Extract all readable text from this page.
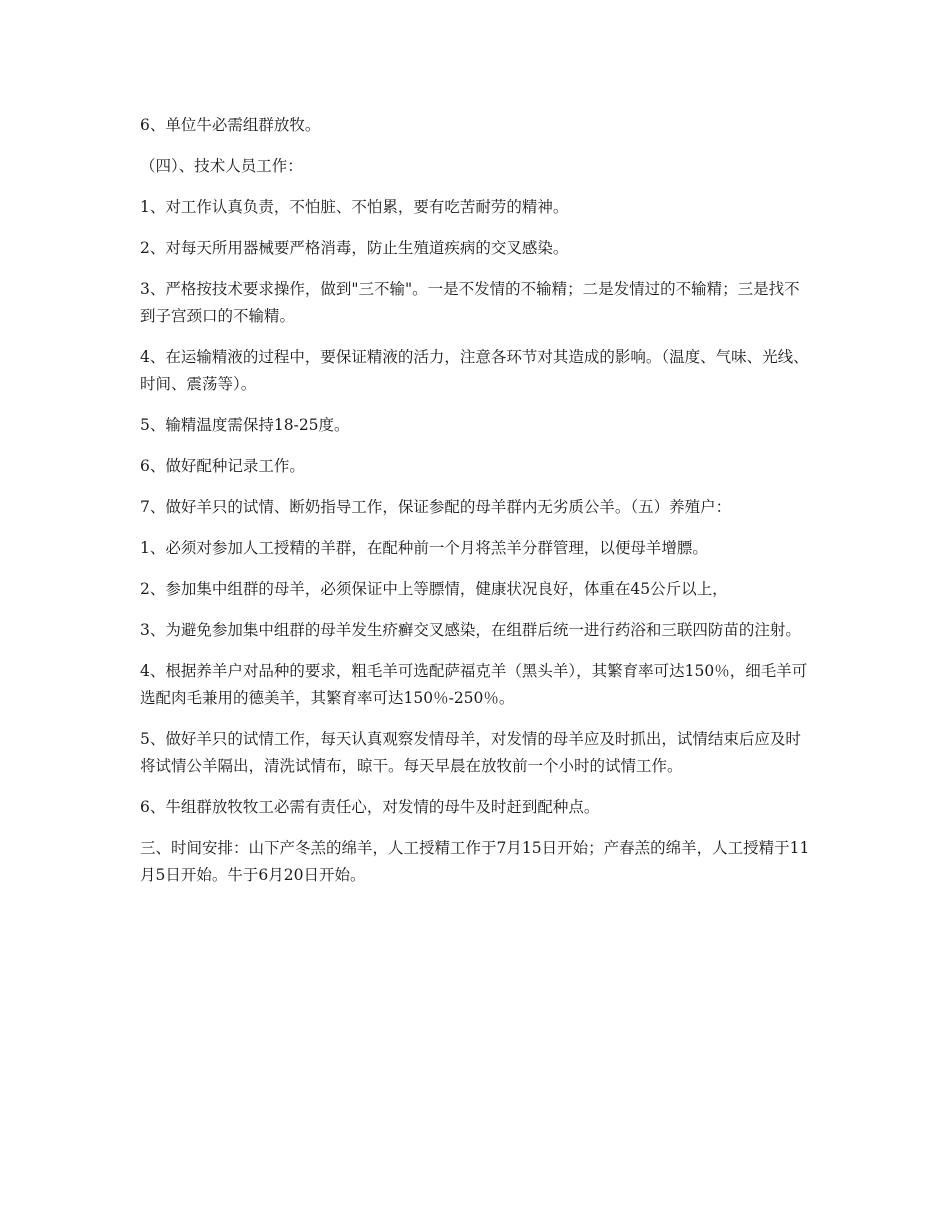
6、单位牛必需组群放牧。

（四）、技术人员工作：

1、对工作认真负责，不怕脏、不怕累，要有吃苦耐劳的精神。

2、对每天所用器械要严格消毒，防止生殖道疾病的交叉感染。

3、严格按技术要求操作，做到"三不输"。一是不发情的不输精；二是发情过的不输精；三是找不到子宫颈口的不输精。

4、在运输精液的过程中，要保证精液的活力，注意各环节对其造成的影响。（温度、气味、光线、时间、震荡等）。

5、输精温度需保持18-25度。

6、做好配种记录工作。

7、做好羊只的试情、断奶指导工作，保证参配的母羊群内无劣质公羊。（五）养殖户：

1、必须对参加人工授精的羊群，在配种前一个月将羔羊分群管理，以便母羊增膘。

2、参加集中组群的母羊，必须保证中上等膘情，健康状况良好，体重在45公斤以上，

3、为避免参加集中组群的母羊发生疥癣交叉感染，在组群后统一进行药浴和三联四防苗的注射。

4、根据养羊户对品种的要求，粗毛羊可选配萨福克羊（黑头羊），其繁育率可达150％，细毛羊可选配肉毛兼用的德美羊，其繁育率可达150％-250％。

5、做好羊只的试情工作，每天认真观察发情母羊，对发情的母羊应及时抓出，试情结束后应及时将试情公羊隔出，清洗试情布，晾干。每天早晨在放牧前一个小时的试情工作。

6、牛组群放牧牧工必需有责任心，对发情的母牛及时赶到配种点。

三、时间安排：山下产冬羔的绵羊，人工授精工作于7月15日开始；产春羔的绵羊，人工授精于11月5日开始。牛于6月20日开始。
